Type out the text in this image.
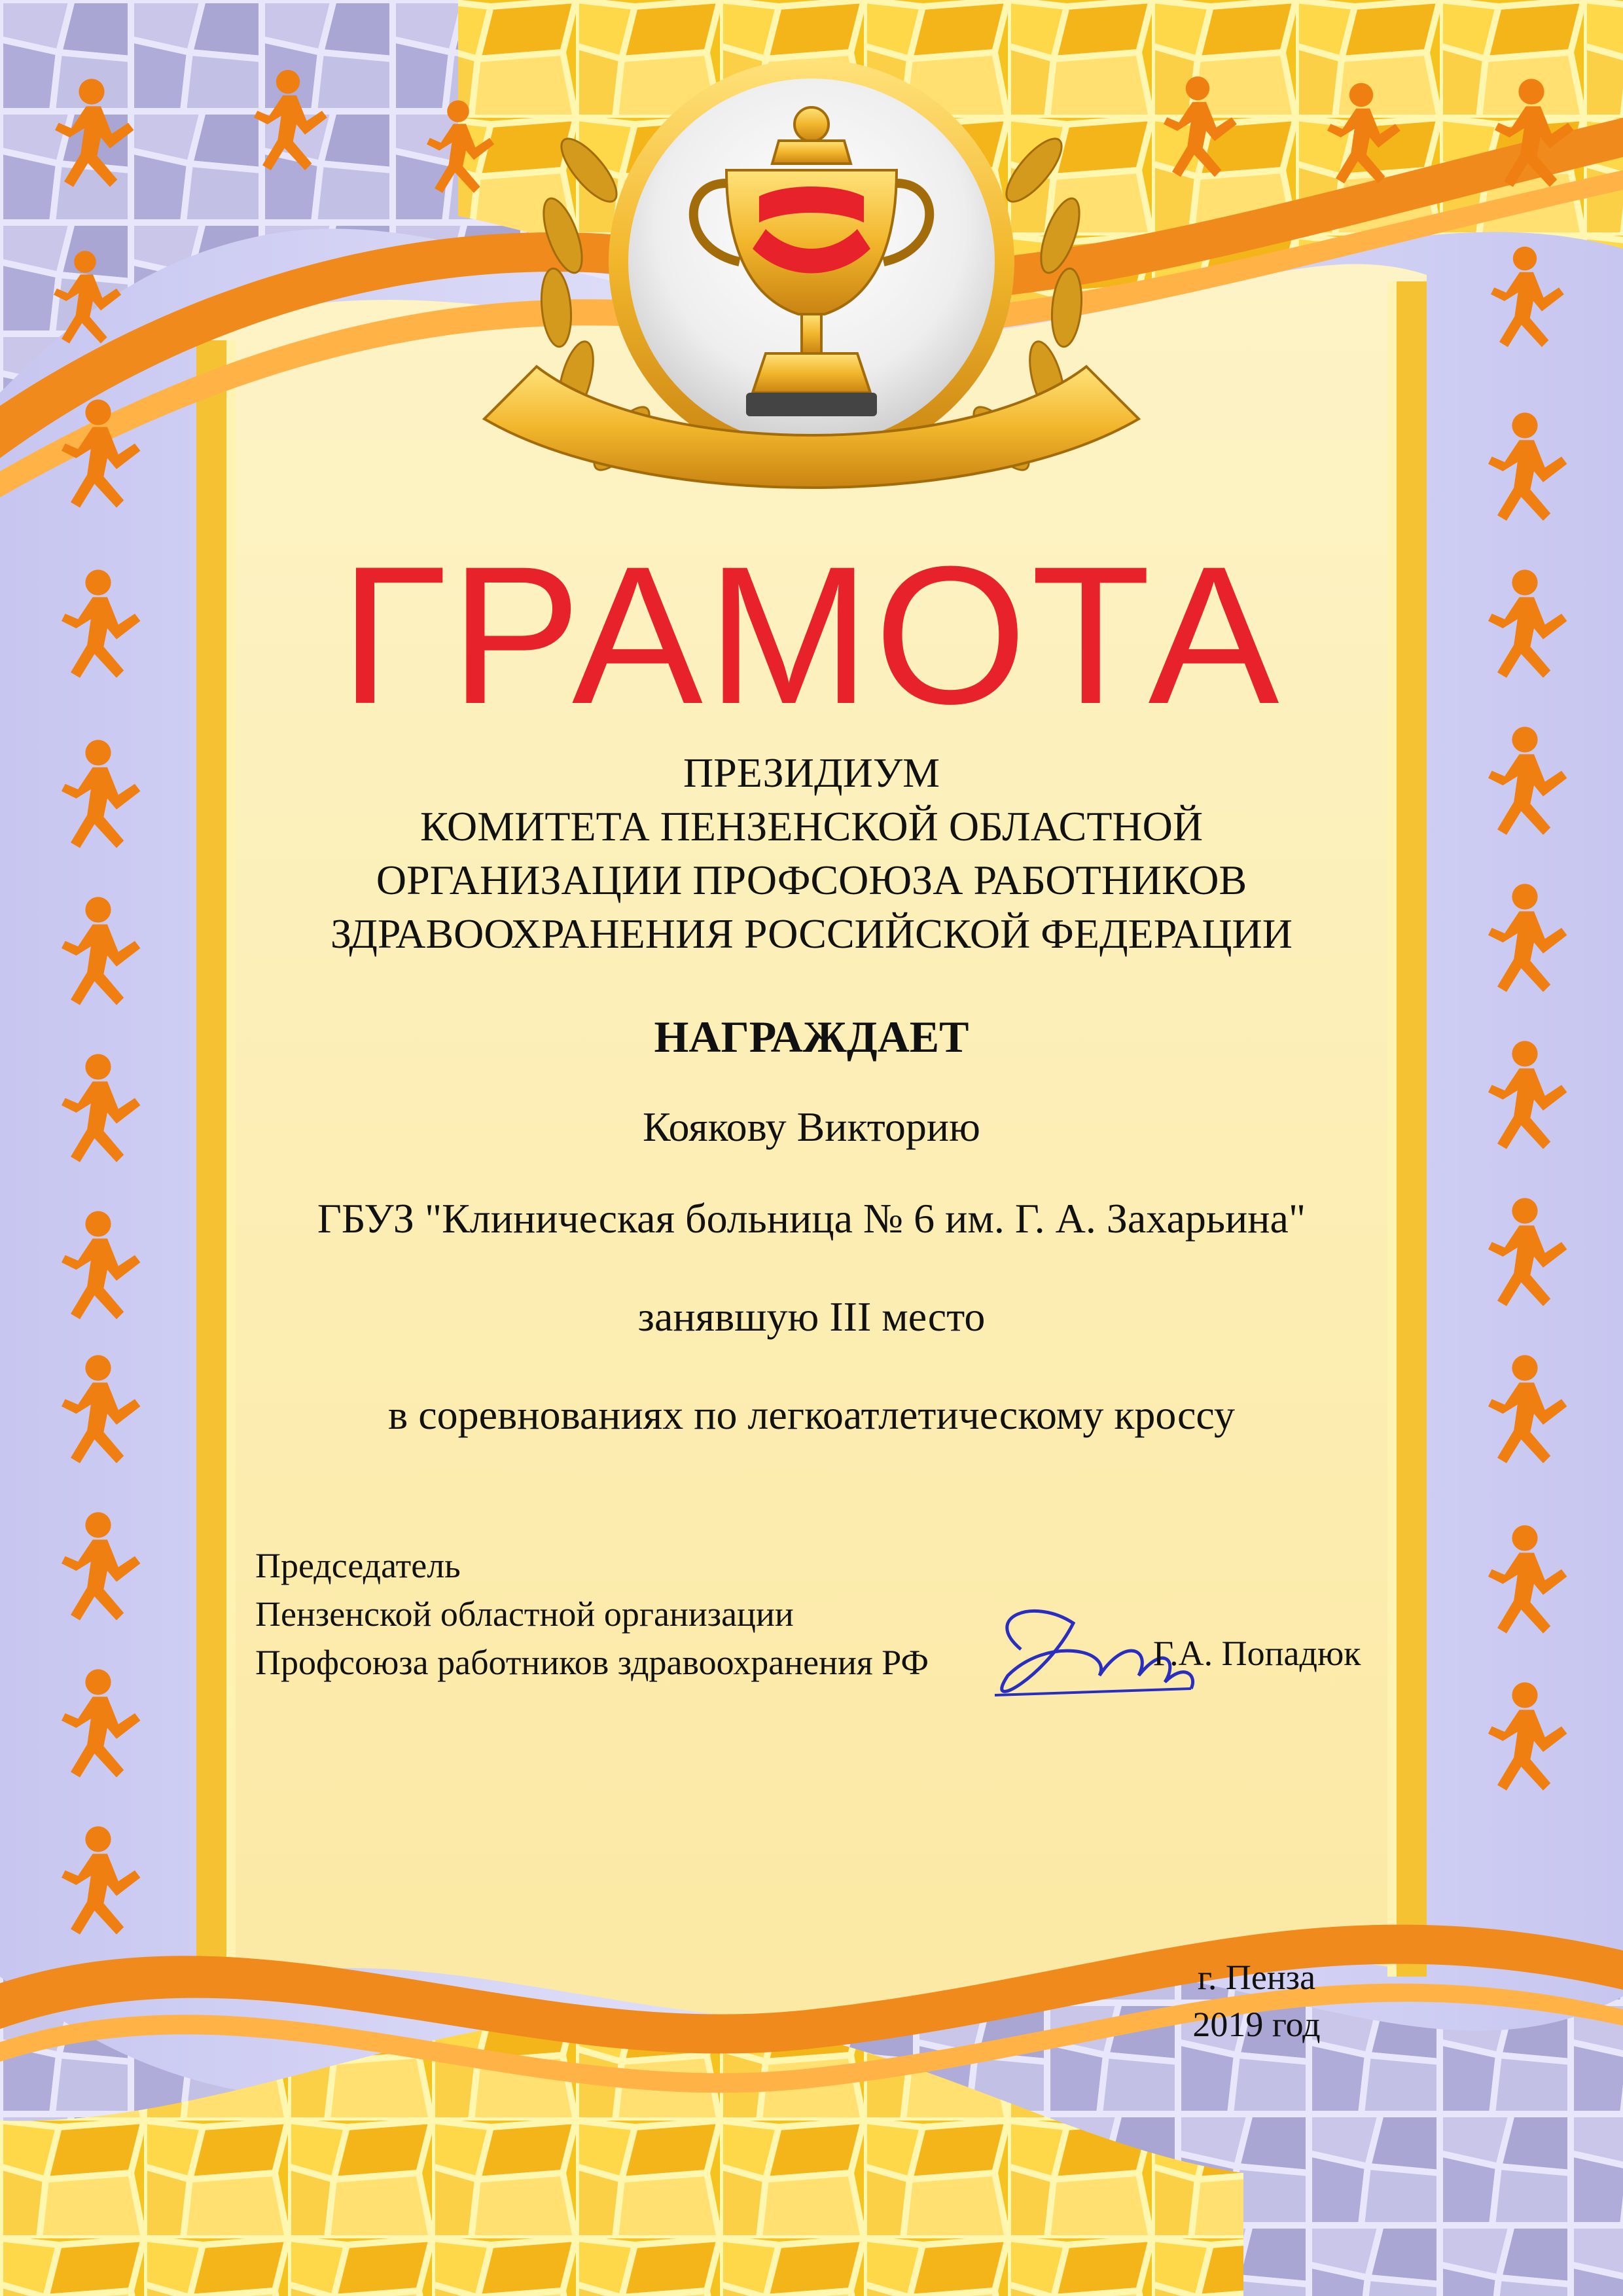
ГРАМОТА
ПРЕЗИДИУМ
КОМИТЕТА ПЕНЗЕНСКОЙ ОБЛАСТНОЙ
ОРГАНИЗАЦИИ ПРОФСОЮЗА РАБОТНИКОВ
ЗДРАВООХРАНЕНИЯ РОССИЙСКОЙ ФЕДЕРАЦИИ
НАГРАЖДАЕТ
Коякову Викторию
ГБУЗ "Клиническая больница № 6 им. Г. А. Захарьина"
занявшую III место
в соревнованиях по легкоатлетическому кроссу
Председатель
Пензенской областной организации
Профсоюза работников здравоохранения РФ	Г.А. Попадюк
г. Пенза
2019 год
